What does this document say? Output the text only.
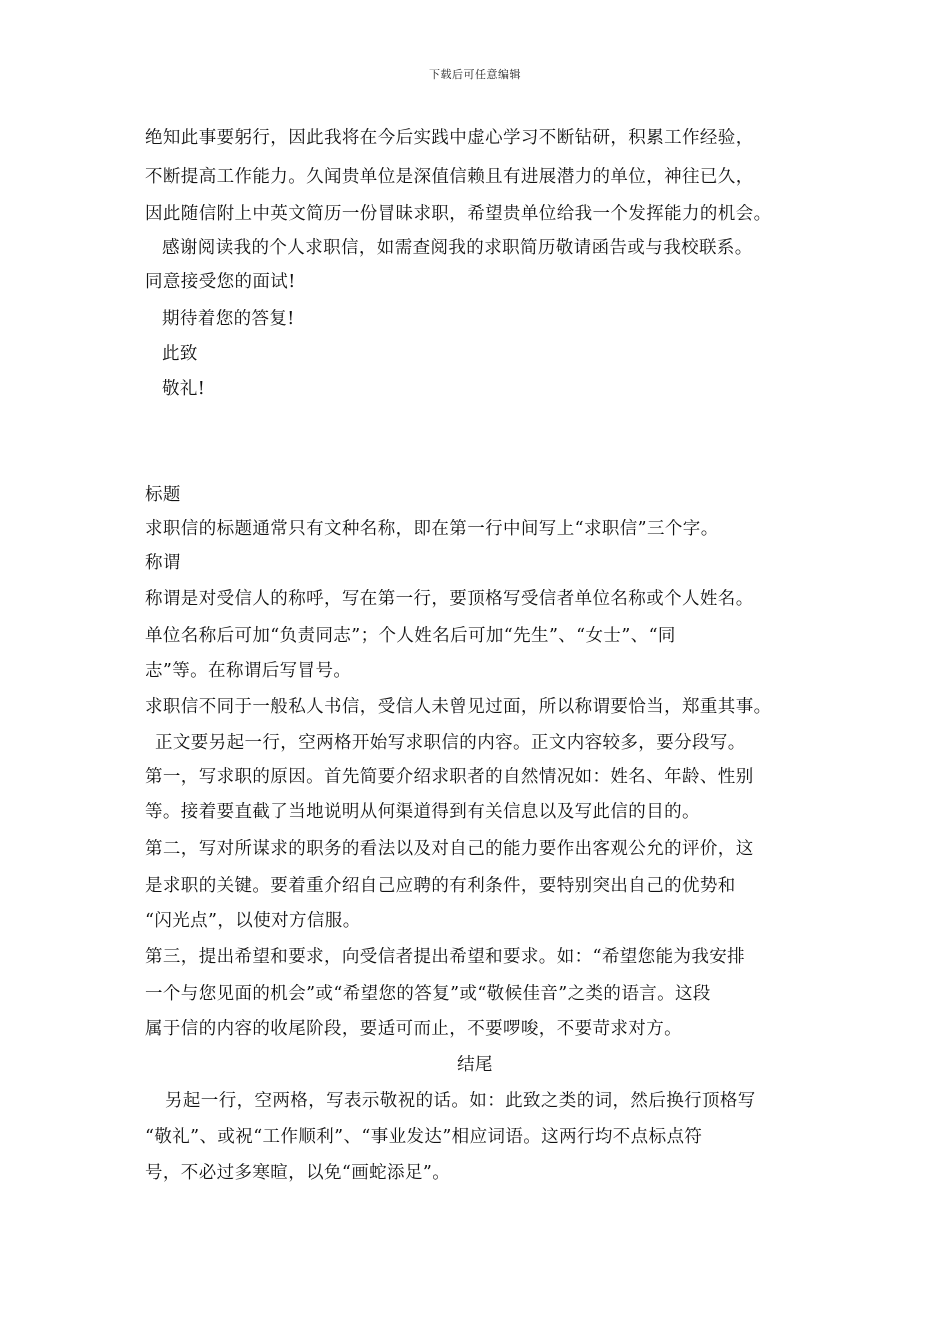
下载后可任意编辑
绝知此事要躬行，因此我将在今后实践中虚心学习不断钻研，积累工作经验，
不断提高工作能力。久闻贵单位是深值信赖且有进展潜力的单位，神往已久，
因此随信附上中英文简历一份冒昧求职，希望贵单位给我一个发挥能力的机会。
感谢阅读我的个人求职信，如需查阅我的求职简历敬请函告或与我校联系。
同意接受您的面试!
期待着您的答复!
此致
敬礼!
标题
求职信的标题通常只有文种名称，即在第一行中间写上“求职信”三个字。
称谓
称谓是对受信人的称呼，写在第一行，要顶格写受信者单位名称或个人姓名。
单位名称后可加“负责同志”；个人姓名后可加“先生”、“女士”、“同
志”等。在称谓后写冒号。
求职信不同于一般私人书信，受信人未曾见过面，所以称谓要恰当，郑重其事。
正文要另起一行，空两格开始写求职信的内容。正文内容较多，要分段写。
第一，写求职的原因。首先简要介绍求职者的自然情况如：姓名、年龄、性别
等。接着要直截了当地说明从何渠道得到有关信息以及写此信的目的。
第二，写对所谋求的职务的看法以及对自己的能力要作出客观公允的评价，这
是求职的关键。要着重介绍自己应聘的有利条件，要特别突出自己的优势和
“闪光点”，以使对方信服。
第三，提出希望和要求，向受信者提出希望和要求。如：“希望您能为我安排
一个与您见面的机会”或“希望您的答复”或“敬候佳音”之类的语言。这段
属于信的内容的收尾阶段，要适可而止，不要啰唆，不要苛求对方。
结尾
另起一行，空两格，写表示敬祝的话。如：此致之类的词，然后换行顶格写
“敬礼”、或祝“工作顺利”、“事业发达”相应词语。这两行均不点标点符
号，不必过多寒暄，以免“画蛇添足”。
